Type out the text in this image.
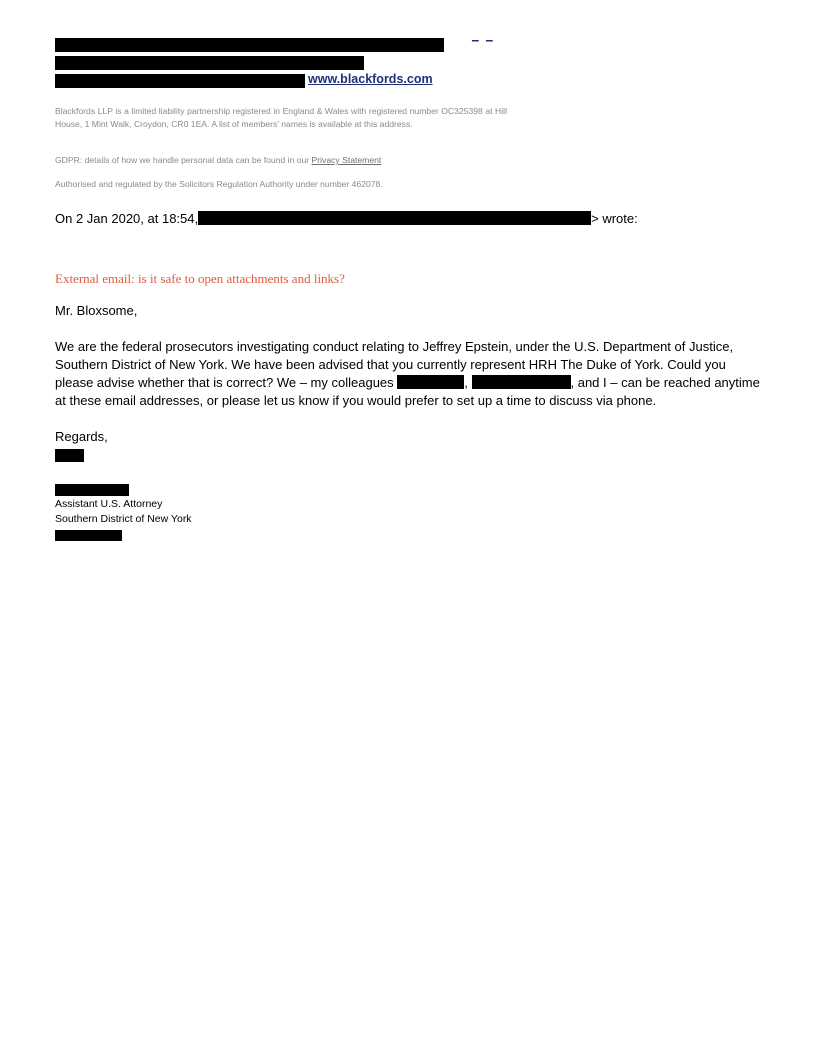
_ _
www.blackfords.com
Blackfords LLP is a limited liability partnership registered in England & Wales with registered number OC325398 at Hill House, 1 Mint Walk, Croydon, CR0 1EA. A list of members' names is available at this address.
GDPR: details of how we handle personal data can be found in our Privacy Statement
Authorised and regulated by the Solicitors Regulation Authority under number 462078.
On 2 Jan 2020, at 18:54,	> wrote:
External email: is it safe to open attachments and links?
Mr. Bloxsome,
We are the federal prosecutors investigating conduct relating to Jeffrey Epstein, under the U.S. Department of Justice, Southern District of New York. We have been advised that you currently represent HRH The Duke of York. Could you please advise whether that is correct? We – my colleagues	,	, and I – can be reached anytime at these email addresses, or please let us know if you would prefer to set up a time to discuss via phone.
Regards,
Assistant U.S. Attorney
Southern District of New York
